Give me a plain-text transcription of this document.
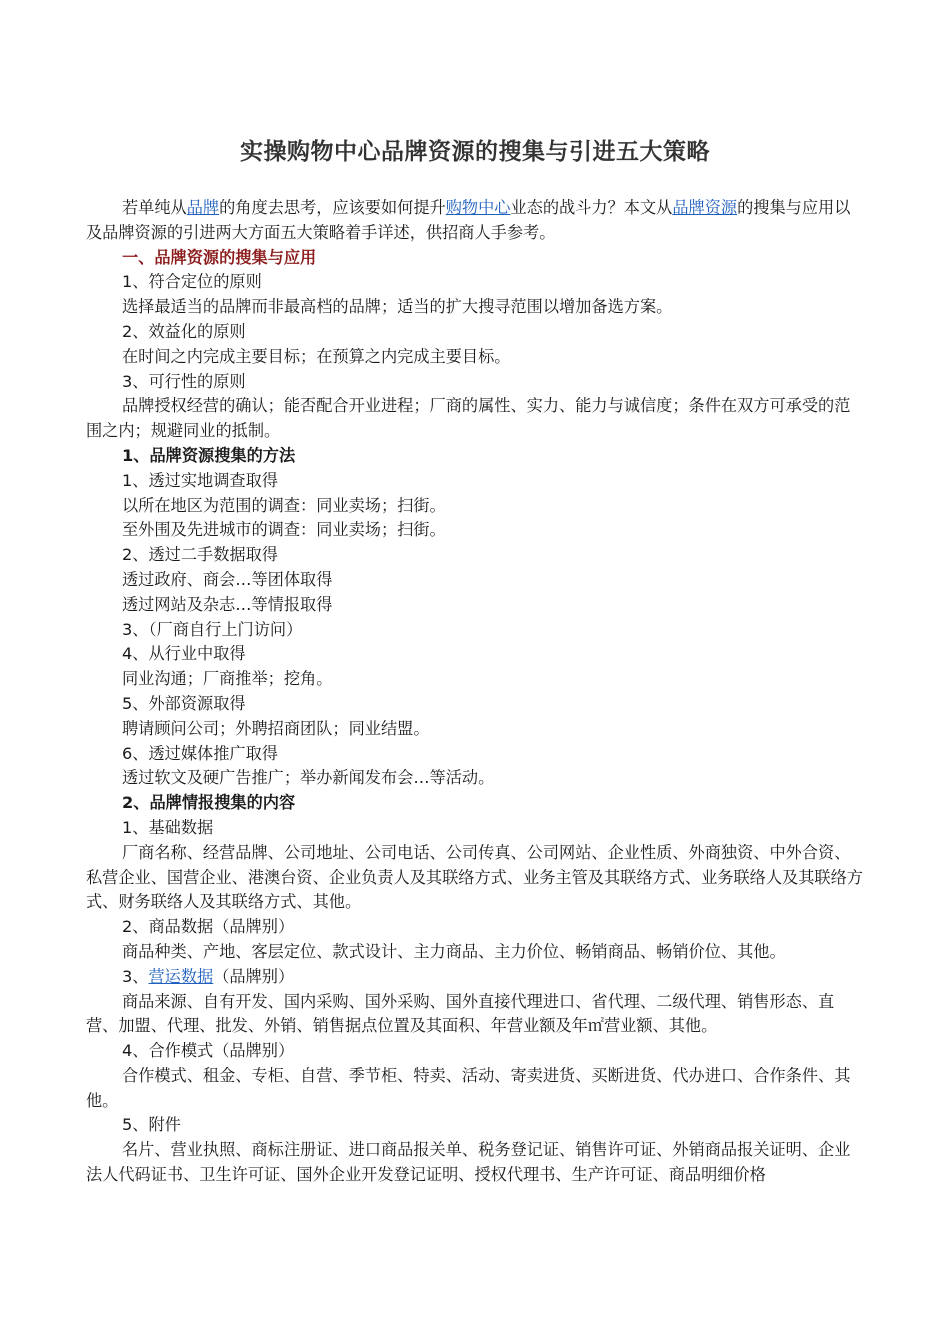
实操购物中心品牌资源的搜集与引进五大策略

若单纯从品牌的角度去思考，应该要如何提升购物中心业态的战斗力？本文从品牌资源的搜集与应用以及品牌资源的引进两大方面五大策略着手详述，供招商人手参考。

一、品牌资源的搜集与应用

1、符合定位的原则

选择最适当的品牌而非最高档的品牌；适当的扩大搜寻范围以增加备选方案。

2、效益化的原则

在时间之内完成主要目标；在预算之内完成主要目标。

3、可行性的原则

品牌授权经营的确认；能否配合开业进程；厂商的属性、实力、能力与诚信度；条件在双方可承受的范围之内；规避同业的抵制。

1、品牌资源搜集的方法

1、透过实地调查取得

以所在地区为范围的调查：同业卖场；扫街。

至外围及先进城市的调查：同业卖场；扫街。

2、透过二手数据取得

透过政府、商会…等团体取得

透过网站及杂志…等情报取得

3、（厂商自行上门访问）

4、从行业中取得

同业沟通；厂商推举；挖角。

5、外部资源取得

聘请顾问公司；外聘招商团队；同业结盟。

6、透过媒体推广取得

透过软文及硬广告推广；举办新闻发布会…等活动。

2、品牌情报搜集的内容

1、基础数据

厂商名称、经营品牌、公司地址、公司电话、公司传真、公司网站、企业性质、外商独资、中外合资、私营企业、国营企业、港澳台资、企业负责人及其联络方式、业务主管及其联络方式、业务联络人及其联络方式、财务联络人及其联络方式、其他。

2、商品数据（品牌别）

商品种类、产地、客层定位、款式设计、主力商品、主力价位、畅销商品、畅销价位、其他。

3、营运数据（品牌别）

商品来源、自有开发、国内采购、国外采购、国外直接代理进口、省代理、二级代理、销售形态、直营、加盟、代理、批发、外销、销售据点位置及其面积、年营业额及年㎡营业额、其他。

4、合作模式（品牌别）

合作模式、租金、专柜、自营、季节柜、特卖、活动、寄卖进货、买断进货、代办进口、合作条件、其他。

5、附件

名片、营业执照、商标注册证、进口商品报关单、税务登记证、销售许可证、外销商品报关证明、企业法人代码证书、卫生许可证、国外企业开发登记证明、授权代理书、生产许可证、商品明细价格
